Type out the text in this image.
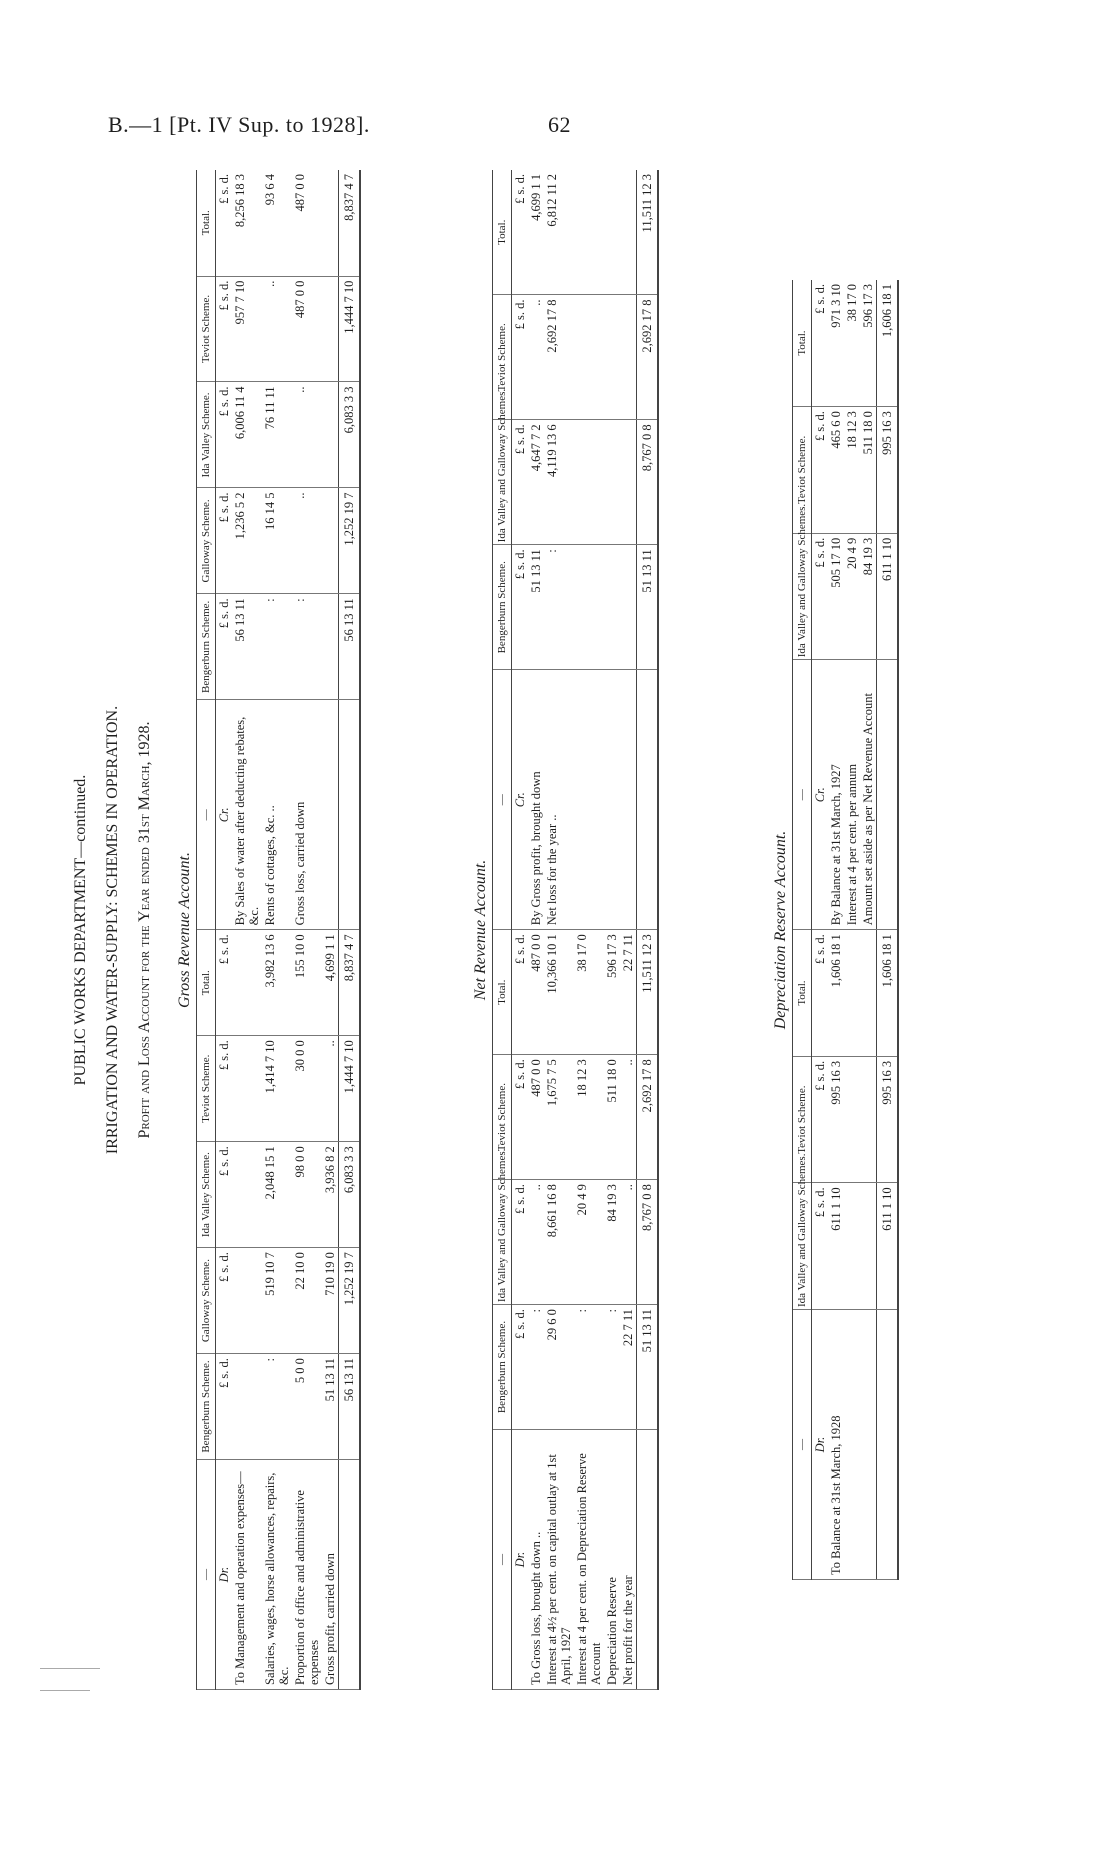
B.—1 [Pt. IV Sup. to 1928].	62

PUBLIC WORKS DEPARTMENT—continued. IRRIGATION AND WATER-SUPPLY: SCHEMES IN OPERATION. Profit and Loss Account for the Year ended 31st March, 1928. Gross Revenue Account.

—	Bengerburn Scheme.	Galloway Scheme.	Ida Valley Scheme.	Teviot Scheme.	Total.	—	Bengerburn Scheme.	Galloway Scheme.	Ida Valley Scheme.	Teviot Scheme.	Total.
Dr.	£ s. d.	£ s. d.	£ s. d.	£ s. d.	£ s. d.	Cr.	£ s. d.	£ s. d.	£ s. d.	£ s. d.	£ s. d.
To Management and operation expenses—						By Sales of water after deducting rebates, &c.	56 13 11	1,236 5 2	6,006 11 4	957 7 10	8,256 18 3
Salaries, wages, horse allowances, repairs, &c.	:	519 10 7	2,048 15 1	1,414 7 10	3,982 13 6	Rents of cottages, &c. ..	:	16 14 5	76 11 11	..	93 6 4
Proportion of office and administrative expenses	5 0 0	22 10 0	98 0 0	30 0 0	155 10 0	Gross loss, carried down	:	..	..	487 0 0	487 0 0
Gross profit, carried down	51 13 11	710 19 0	3,936 8 2	..	4,699 1 1						
	56 13 11	1,252 19 7	6,083 3 3	1,444 7 10	8,837 4 7		56 13 11	1,252 19 7	6,083 3 3	1,444 7 10	8,837 4 7

Net Revenue Account.

—	Bengerburn Scheme.	Ida Valley and Galloway Schemes.	Teviot Scheme.	Total.	—	Bengerburn Scheme.	Ida Valley and Galloway Schemes.	Teviot Scheme.	Total.
Dr.	£ s. d.	£ s. d.	£ s. d.	£ s. d.	Cr.	£ s. d.	£ s. d.	£ s. d.	£ s. d.
To Gross loss, brought down ..	:	..	487 0 0	487 0 0	By Gross profit, brought down	51 13 11	4,647 7 2	..	4,699 1 1
Interest at 4½ per cent. on capital outlay at 1st April, 1927	29 6 0	8,661 16 8	1,675 7 5	10,366 10 1	Net loss for the year ..	:	4,119 13 6	2,692 17 8	6,812 11 2
Interest at 4 per cent. on Depreciation Reserve Account	:	20 4 9	18 12 3	38 17 0					
Depreciation Reserve	:	84 19 3	511 18 0	596 17 3					
Net profit for the year	22 7 11	..	..	22 7 11					
	51 13 11	8,767 0 8	2,692 17 8	11,511 12 3		51 13 11	8,767 0 8	2,692 17 8	11,511 12 3

Depreciation Reserve Account.

—	Ida Valley and Galloway Schemes.	Teviot Scheme.	Total.	—	Ida Valley and Galloway Schemes.	Teviot Scheme.	Total.
Dr.	£ s. d.	£ s. d.	£ s. d.	Cr.	£ s. d.	£ s. d.	£ s. d.
To Balance at 31st March, 1928	611 1 10	995 16 3	1,606 18 1	By Balance at 31st March, 1927	505 17 10	465 6 0	971 3 10
				Interest at 4 per cent. per annum	20 4 9	18 12 3	38 17 0
				Amount set aside as per Net Revenue Account	84 19 3	511 18 0	596 17 3
	611 1 10	995 16 3	1,606 18 1		611 1 10	995 16 3	1,606 18 1
